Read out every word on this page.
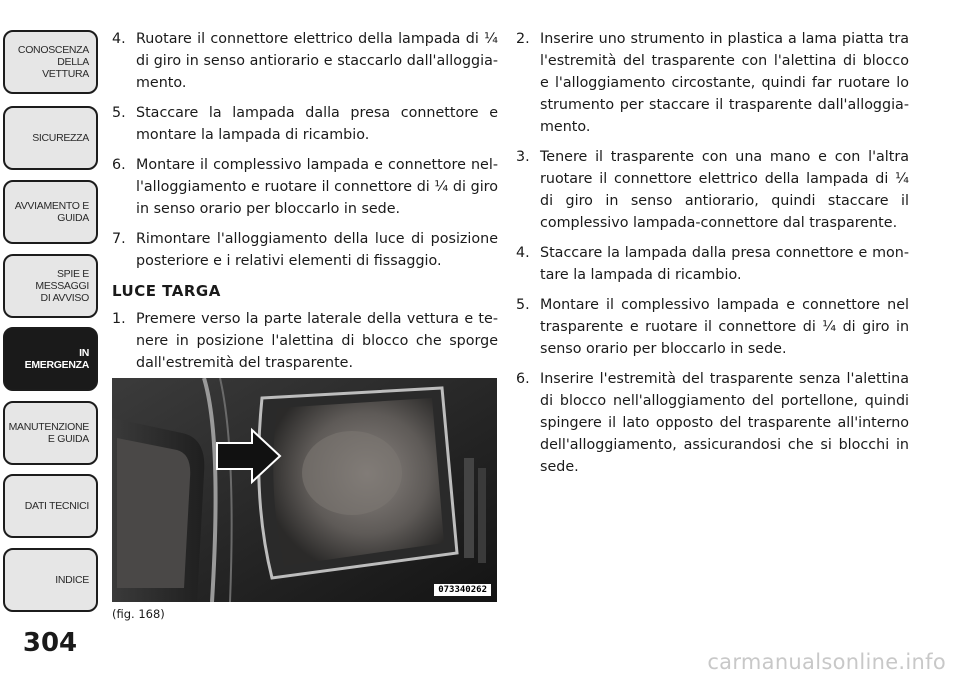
CONOSCENZA DELLA
VETTURA
SICUREZZA
AVVIAMENTO E
GUIDA
SPIE E
MESSAGGI
DI AVVISO
IN
EMERGENZA
MANUTENZIONE
E GUIDA
DATI TECNICI
INDICE
304
4. Ruotare il connettore elettrico della lampada di ¼ di giro in senso antiorario e staccarlo dall'alloggiamento.
5. Staccare la lampada dalla presa connettore e montare la lampada di ricambio.
6. Montare il complessivo lampada e connettore nell'alloggiamento e ruotare il connettore di ¼ di giro in senso orario per bloccarlo in sede.
7. Rimontare l'alloggiamento della luce di posizione posteriore e i relativi elementi di fissaggio.
LUCE TARGA
1. Premere verso la parte laterale della vettura e tenere in posizione l'alettina di blocco che sporge dall'estremità del trasparente.
073340262
(fig. 168)
2. Inserire uno strumento in plastica a lama piatta tra l'estremità del trasparente con l'alettina di blocco e l'alloggiamento circostante, quindi far ruotare lo strumento per staccare il trasparente dall'alloggiamento.
3. Tenere il trasparente con una mano e con l'altra ruotare il connettore elettrico della lampada di ¼ di giro in senso antiorario, quindi staccare il complessivo lampada-connettore dal trasparente.
4. Staccare la lampada dalla presa connettore e montare la lampada di ricambio.
5. Montare il complessivo lampada e connettore nel trasparente e ruotare il connettore di ¼ di giro in senso orario per bloccarlo in sede.
6. Inserire l'estremità del trasparente senza l'alettina di blocco nell'alloggiamento del portellone, quindi spingere il lato opposto del trasparente all'interno dell'alloggiamento, assicurandosi che si blocchi in sede.
carmanualsonline.info
